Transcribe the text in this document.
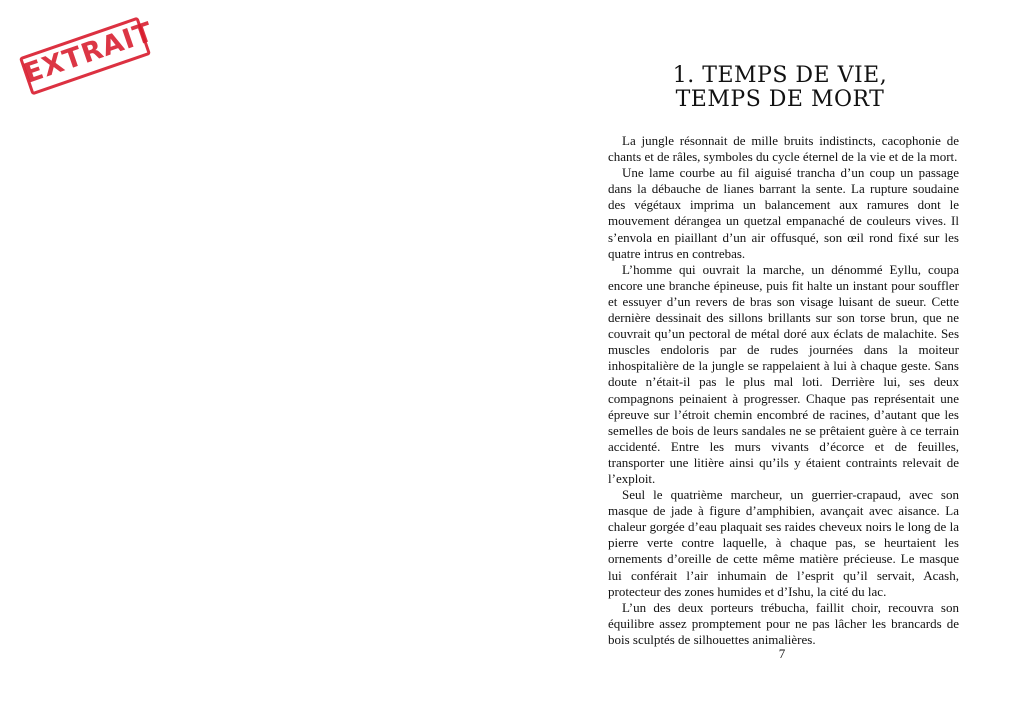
EXTRAIT	1. TEMPS DE VIE,
TEMPS DE MORT

La jungle résonnait de mille bruits indistincts, cacophonie de chants et de râles, symboles du cycle éternel de la vie et de la mort.

Une lame courbe au fil aiguisé trancha d’un coup un passage dans la débauche de lianes barrant la sente. La rupture soudaine des végétaux imprima un balancement aux ramures dont le mouvement dérangea un quetzal empanaché de couleurs vives. Il s’envola en piaillant d’un air offusqué, son œil rond fixé sur les quatre intrus en contrebas.

L’homme qui ouvrait la marche, un dénommé Eyllu, coupa encore une branche épineuse, puis fit halte un instant pour souffler et essuyer d’un revers de bras son visage luisant de sueur. Cette dernière dessinait des sillons brillants sur son torse brun, que ne couvrait qu’un pectoral de métal doré aux éclats de malachite. Ses muscles endoloris par de rudes journées dans la moiteur inhospitalière de la jungle se rappelaient à lui à chaque geste. Sans doute n’était-il pas le plus mal loti. Derrière lui, ses deux compagnons peinaient à progresser. Chaque pas représentait une épreuve sur l’étroit chemin encombré de racines, d’autant que les semelles de bois de leurs sandales ne se prêtaient guère à ce terrain accidenté. Entre les murs vivants d’écorce et de feuilles, transporter une litière ainsi qu’ils y étaient contraints relevait de l’exploit.

Seul le quatrième marcheur, un guerrier-crapaud, avec son masque de jade à figure d’amphibien, avançait avec aisance. La chaleur gorgée d’eau plaquait ses raides cheveux noirs le long de la pierre verte contre laquelle, à chaque pas, se heurtaient les ornements d’oreille de cette même matière précieuse. Le masque lui conférait l’air inhumain de l’esprit qu’il servait, Acash, protecteur des zones humides et d’Ishu, la cité du lac.

L’un des deux porteurs trébucha, faillit choir, recouvra son équilibre assez promptement pour ne pas lâcher les brancards de bois sculptés de silhouettes animalières.

7
